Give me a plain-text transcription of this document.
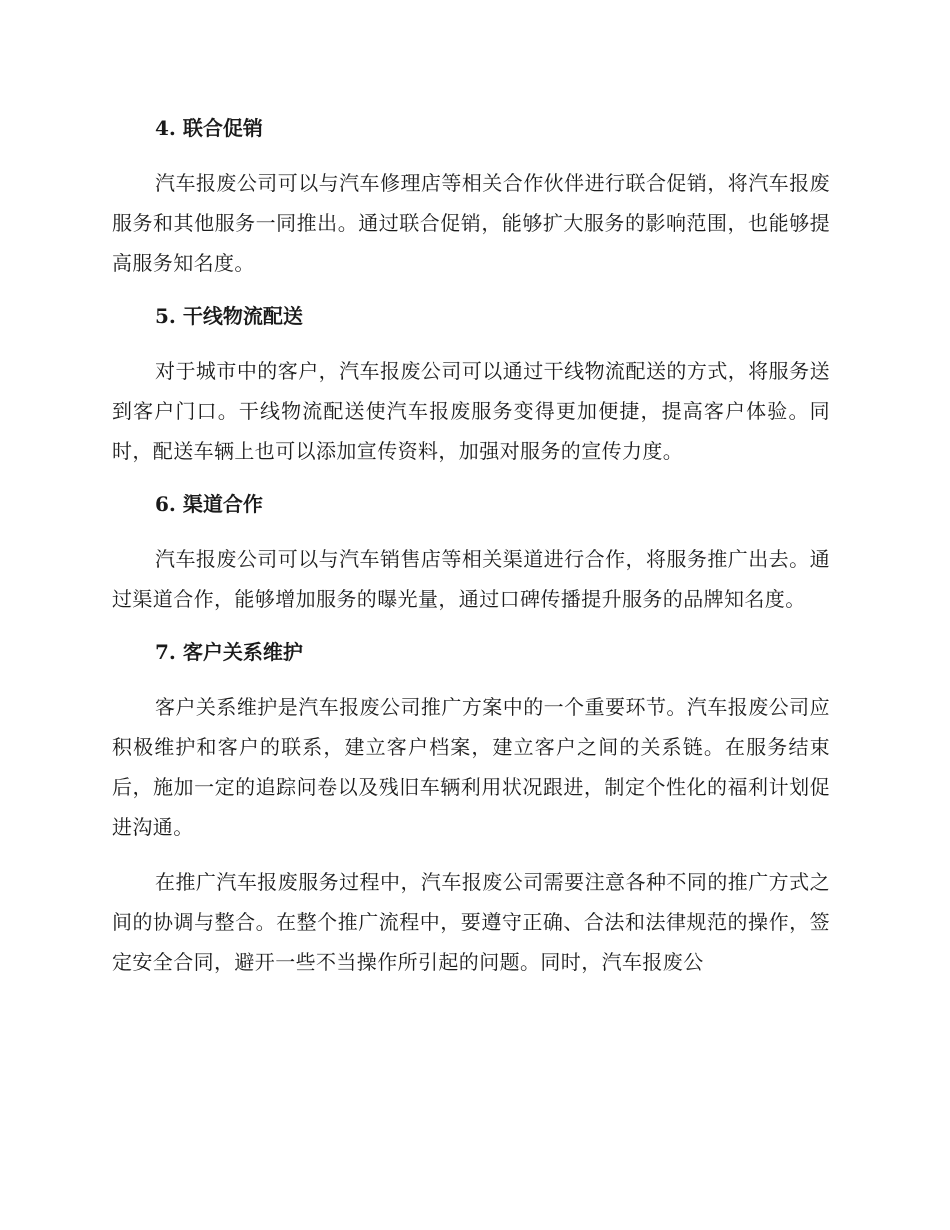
4. 联合促销

汽车报废公司可以与汽车修理店等相关合作伙伴进行联合促销，将汽车报废服务和其他服务一同推出。通过联合促销，能够扩大服务的影响范围，也能够提高服务知名度。

5. 干线物流配送

对于城市中的客户，汽车报废公司可以通过干线物流配送的方式，将服务送到客户门口。干线物流配送使汽车报废服务变得更加便捷，提高客户体验。同时，配送车辆上也可以添加宣传资料，加强对服务的宣传力度。

6. 渠道合作

汽车报废公司可以与汽车销售店等相关渠道进行合作，将服务推广出去。通过渠道合作，能够增加服务的曝光量，通过口碑传播提升服务的品牌知名度。

7. 客户关系维护

客户关系维护是汽车报废公司推广方案中的一个重要环节。汽车报废公司应积极维护和客户的联系，建立客户档案，建立客户之间的关系链。在服务结束后，施加一定的追踪问卷以及残旧车辆利用状况跟进，制定个性化的福利计划促进沟通。

在推广汽车报废服务过程中，汽车报废公司需要注意各种不同的推广方式之间的协调与整合。在整个推广流程中，要遵守正确、合法和法律规范的操作，签定安全合同，避开一些不当操作所引起的问题。同时，汽车报废公
